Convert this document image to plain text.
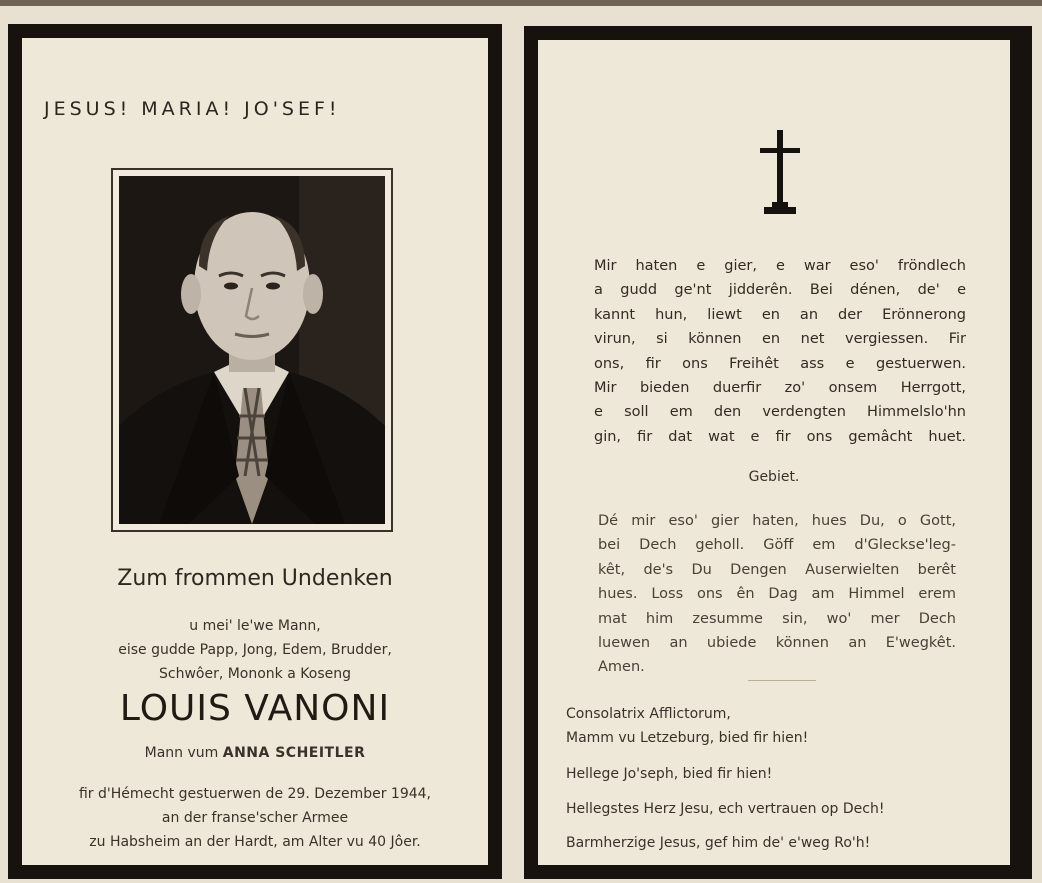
JESUS! MARIA! JO'SEF!
Zum frommen Undenken
u mei' le'we Mann,
eise gudde Papp, Jong, Edem, Brudder,
Schwôer, Mononk a Koseng
LOUIS VANONI
Mann vum ANNA SCHEITLER
fir d'Hémecht gestuerwen de 29. Dezember 1944,
an der franse'scher Armee
zu Habsheim an der Hardt, am Alter vu 40 Jôer.
Mir haten e gier, e war eso' fröndlech
a gudd ge'nt jidderên. Bei dénen, de' e
kannt hun, liewt en an der Erönnerong
virun, si können en net vergiessen. Fir
ons, fir ons Freihêt ass e gestuerwen.
Mir bieden duerfir zo' onsem Herrgott,
e soll em den verdengten Himmelslo'hn
gin, fir dat wat e fir ons gemâcht huet.
Gebiet.
Dé mir eso' gier haten, hues Du, o Gott,
bei Dech geholl. Göff em d'Gleckse'leg-
kêt, de's Du Dengen Auserwielten berêt
hues. Loss ons ên Dag am Himmel erem
mat him zesumme sin, wo' mer Dech
luewen an ubiede können an E'wegkêt.
Amen.
Consolatrix Afflictorum,
Mamm vu Letzeburg, bied fir hien!
Hellege Jo'seph, bied fir hien!
Hellegstes Herz Jesu, ech vertrauen op Dech!
Barmherzige Jesus, gef him de' e'weg Ro'h!
